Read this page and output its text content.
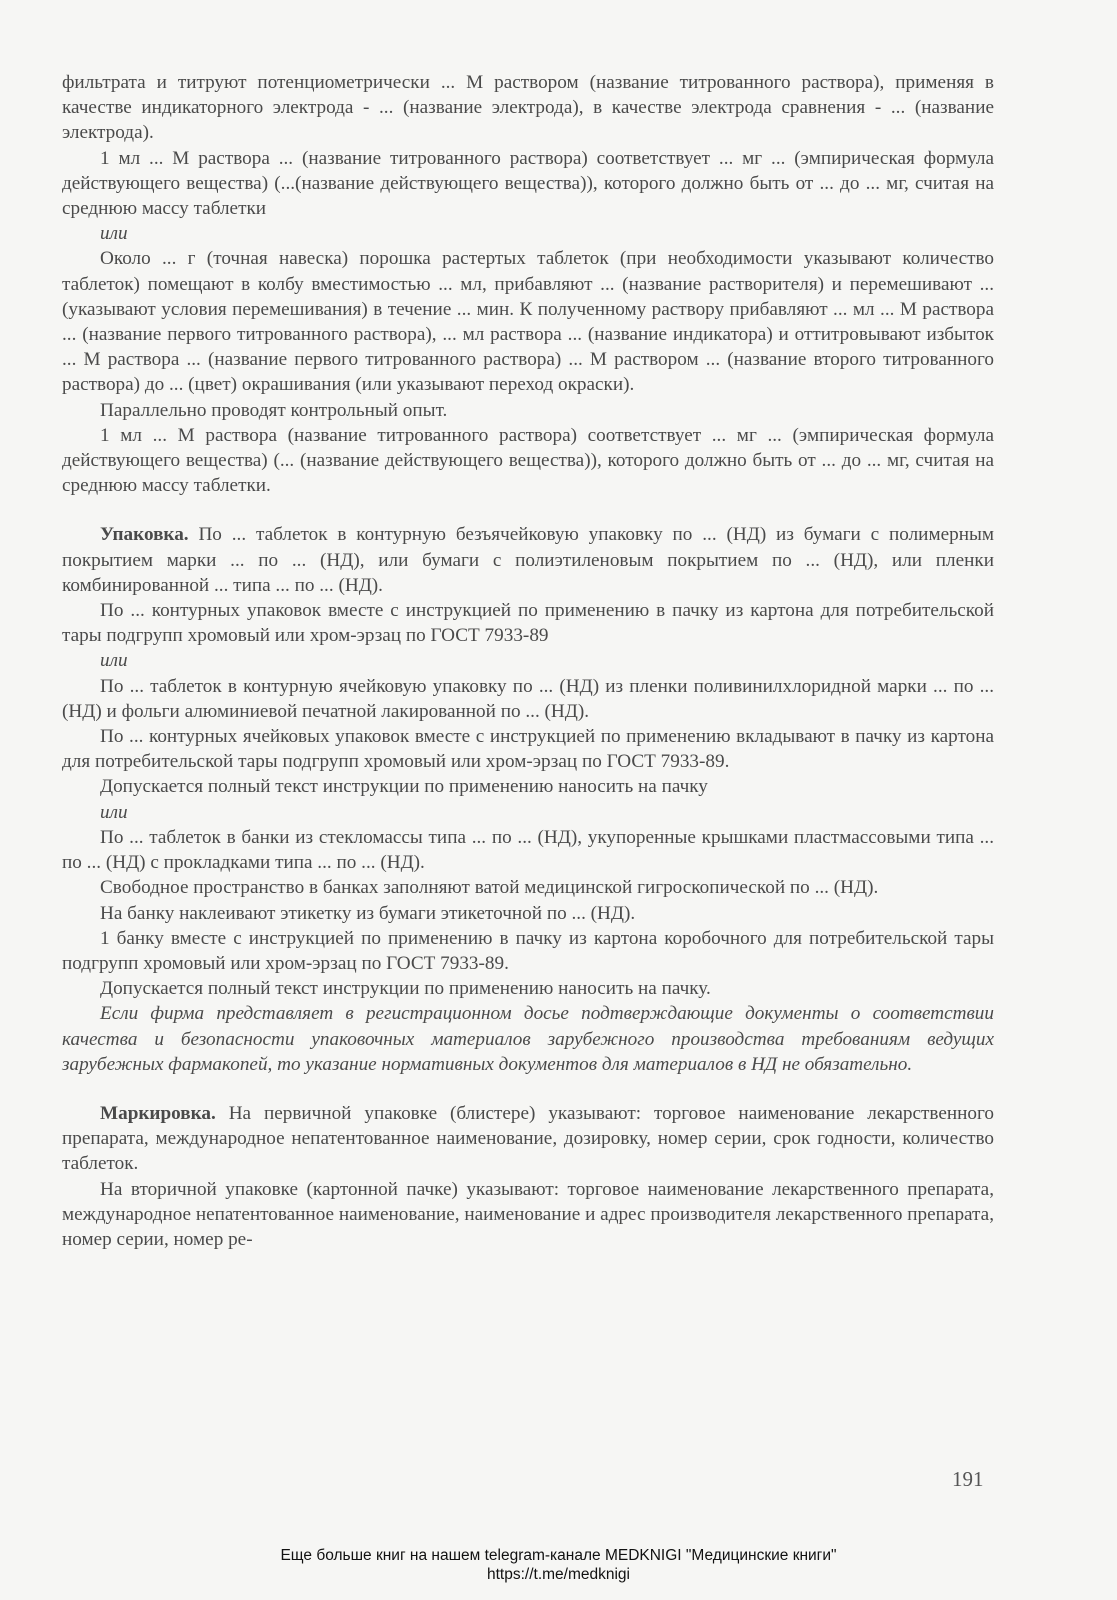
фильтрата и титруют потенциометрически ... М раствором (название титрованного раствора), применяя в качестве индикаторного электрода - ... (название электрода), в качестве электрода сравнения - ... (название электрода).
1 мл ... М раствора ... (название титрованного раствора) соответствует ... мг ... (эмпирическая формула действующего вещества) (...(название действующего вещества)), которого должно быть от ... до ... мг, считая на среднюю массу таблетки
или
Около ... г (точная навеска) порошка растертых таблеток (при необходимости указывают количество таблеток) помещают в колбу вместимостью ... мл, прибавляют ... (название растворителя) и перемешивают ... (указывают условия перемешивания) в течение ... мин. К полученному раствору прибавляют ... мл ... М раствора ... (название первого титрованного раствора), ... мл раствора ... (название индикатора) и оттитровывают избыток ... М раствора ... (название первого титрованного раствора) ... М раствором ... (название второго титрованного раствора) до ... (цвет) окрашивания (или указывают переход окраски).
Параллельно проводят контрольный опыт.
1 мл ... М раствора (название титрованного раствора) соответствует ... мг ... (эмпирическая формула действующего вещества) (... (название действующего вещества)), которого должно быть от ... до ... мг, считая на среднюю массу таблетки.
Упаковка. По ... таблеток в контурную безъячейковую упаковку по ... (НД) из бумаги с полимерным покрытием марки ... по ... (НД), или бумаги с полиэтиленовым покрытием по ... (НД), или пленки комбинированной ... типа ... по ... (НД).
По ... контурных упаковок вместе с инструкцией по применению в пачку из картона для потребительской тары подгрупп хромовый или хром-эрзац по ГОСТ 7933-89
или
По ... таблеток в контурную ячейковую упаковку по ... (НД) из пленки поливинилхлоридной марки ... по ... (НД) и фольги алюминиевой печатной лакированной по ... (НД).
По ... контурных ячейковых упаковок вместе с инструкцией по применению вкладывают в пачку из картона для потребительской тары подгрупп хромовый или хром-эрзац по ГОСТ 7933-89.
Допускается полный текст инструкции по применению наносить на пачку
или
По ... таблеток в банки из стекломассы типа ... по ... (НД), укупоренные крышками пластмассовыми типа ... по ... (НД) с прокладками типа ... по ... (НД).
Свободное пространство в банках заполняют ватой медицинской гигроскопической по ... (НД).
На банку наклеивают этикетку из бумаги этикеточной по ... (НД).
1 банку вместе с инструкцией по применению в пачку из картона коробочного для потребительской тары подгрупп хромовый или хром-эрзац по ГОСТ 7933-89.
Допускается полный текст инструкции по применению наносить на пачку.
Если фирма представляет в регистрационном досье подтверждающие документы о соответствии качества и безопасности упаковочных материалов зарубежного производства требованиям ведущих зарубежных фармакопей, то указание нормативных документов для материалов в НД не обязательно.
Маркировка. На первичной упаковке (блистере) указывают: торговое наименование лекарственного препарата, международное непатентованное наименование, дозировку, номер серии, срок годности, количество таблеток.
На вторичной упаковке (картонной пачке) указывают: торговое наименование лекарственного препарата, международное непатентованное наименование, наименование и адрес производителя лекарственного препарата, номер серии, номер ре-
191
Еще больше книг на нашем telegram-канале MEDKNIGI "Медицинские книги"
https://t.me/medknigi
